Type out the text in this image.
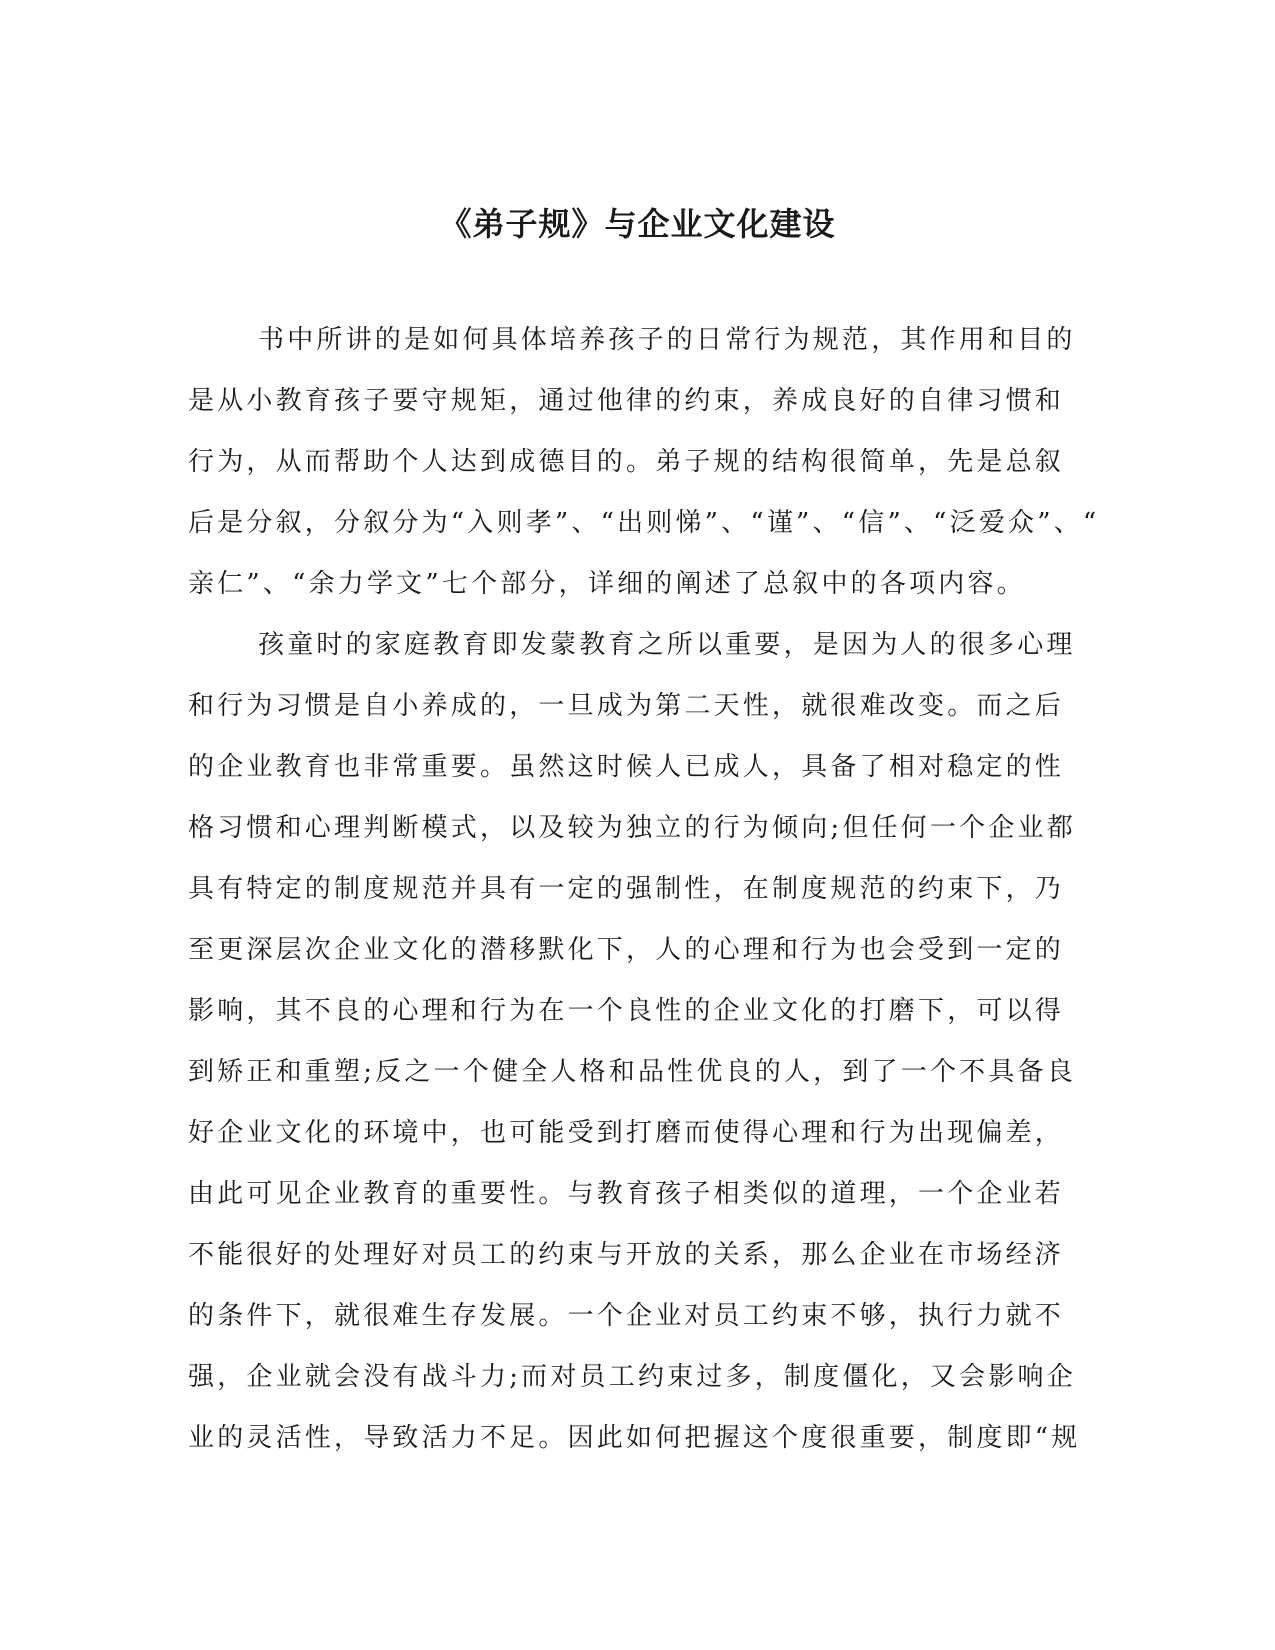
《弟子规》与企业文化建设
书中所讲的是如何具体培养孩子的日常行为规范，其作用和目的
是从小教育孩子要守规矩，通过他律的约束，养成良好的自律习惯和
行为，从而帮助个人达到成德目的。弟子规的结构很简单，先是总叙
后是分叙，分叙分为“入则孝”、“出则悌”、“谨”、“信”、“泛爱众”、“
亲仁”、“余力学文”七个部分，详细的阐述了总叙中的各项内容。
孩童时的家庭教育即发蒙教育之所以重要，是因为人的很多心理
和行为习惯是自小养成的，一旦成为第二天性，就很难改变。而之后
的企业教育也非常重要。虽然这时候人已成人，具备了相对稳定的性
格习惯和心理判断模式，以及较为独立的行为倾向;但任何一个企业都
具有特定的制度规范并具有一定的强制性，在制度规范的约束下，乃
至更深层次企业文化的潜移默化下，人的心理和行为也会受到一定的
影响，其不良的心理和行为在一个良性的企业文化的打磨下，可以得
到矫正和重塑;反之一个健全人格和品性优良的人，到了一个不具备良
好企业文化的环境中，也可能受到打磨而使得心理和行为出现偏差，
由此可见企业教育的重要性。与教育孩子相类似的道理，一个企业若
不能很好的处理好对员工的约束与开放的关系，那么企业在市场经济
的条件下，就很难生存发展。一个企业对员工约束不够，执行力就不
强，企业就会没有战斗力;而对员工约束过多，制度僵化，又会影响企
业的灵活性，导致活力不足。因此如何把握这个度很重要，制度即“规
